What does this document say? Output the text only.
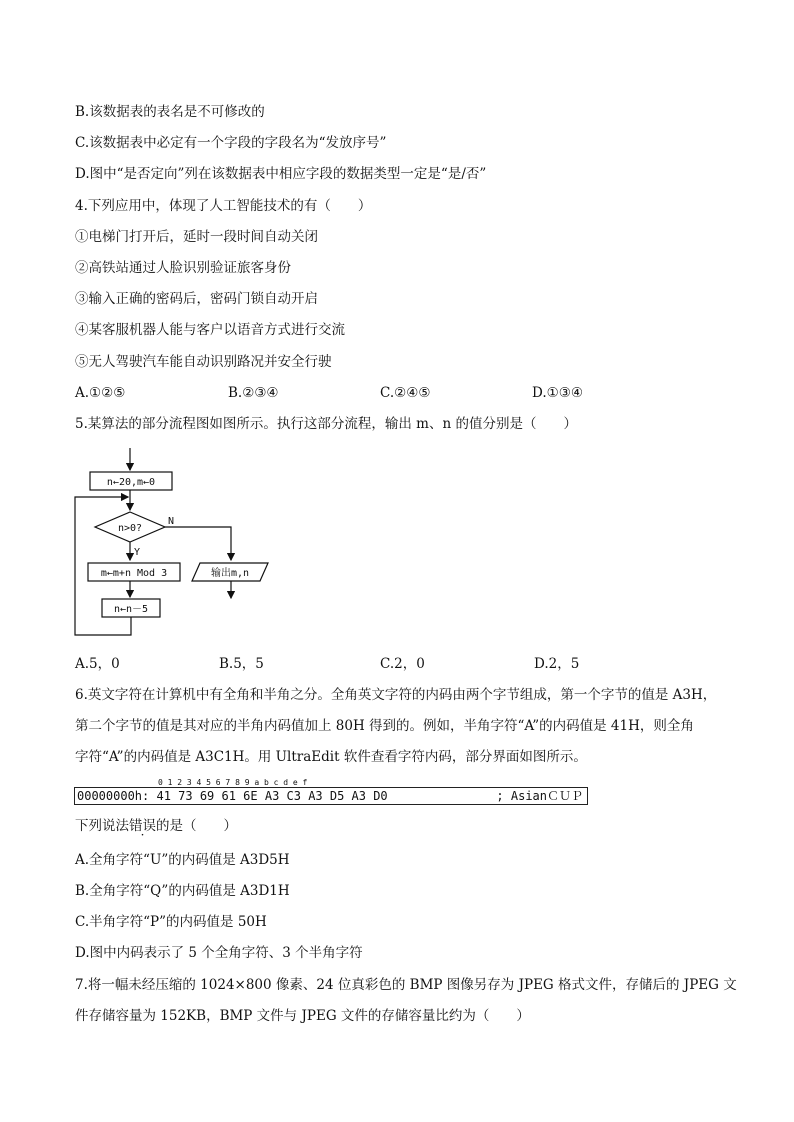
B.该数据表的表名是不可修改的
C.该数据表中必定有一个字段的字段名为“发放序号”
D.图中“是否定向”列在该数据表中相应字段的数据类型一定是“是/否”
4.下列应用中，体现了人工智能技术的有（　　）
①电梯门打开后，延时一段时间自动关闭
②高铁站通过人脸识别验证旅客身份
③输入正确的密码后，密码门锁自动开启
④某客服机器人能与客户以语音方式进行交流
⑤无人驾驶汽车能自动识别路况并安全行驶
A.①②⑤	B.②③④	C.②④⑤	D.①③④
5.某算法的部分流程图如图所示。执行这部分流程，输出 m、n 的值分别是（　　）
n←20,m←0
n>0?
N
Y
m←m+n Mod 3
n←n－5
输出m,n
A.5，0	B.5，5	C.2，0	D.2，5
6.英文字符在计算机中有全角和半角之分。全角英文字符的内码由两个字节组成，第一个字节的值是 A3H，
第二个字节的值是其对应的半角内码值加上 80H 得到的。例如，半角字符“A”的内码值是 41H，则全角
字符“A”的内码值是 A3C1H。用 UltraEdit 软件查看字符内码，部分界面如图所示。
0 1 2 3 4 5 6 7 8 9 a b c d e f
00000000h: 41 73 69 61 6E A3 C3 A3 D5 A3 D0	; AsianＣＵＰ
下列说法错误的是（　　）
A.全角字符“U”的内码值是 A3D5H
B.全角字符“Q”的内码值是 A3D1H
C.半角字符“P”的内码值是 50H
D.图中内码表示了 5 个全角字符、3 个半角字符
7.将一幅未经压缩的 1024×800 像素、24 位真彩色的 BMP 图像另存为 JPEG 格式文件，存储后的 JPEG 文
件存储容量为 152KB，BMP 文件与 JPEG 文件的存储容量比约为（　　）
